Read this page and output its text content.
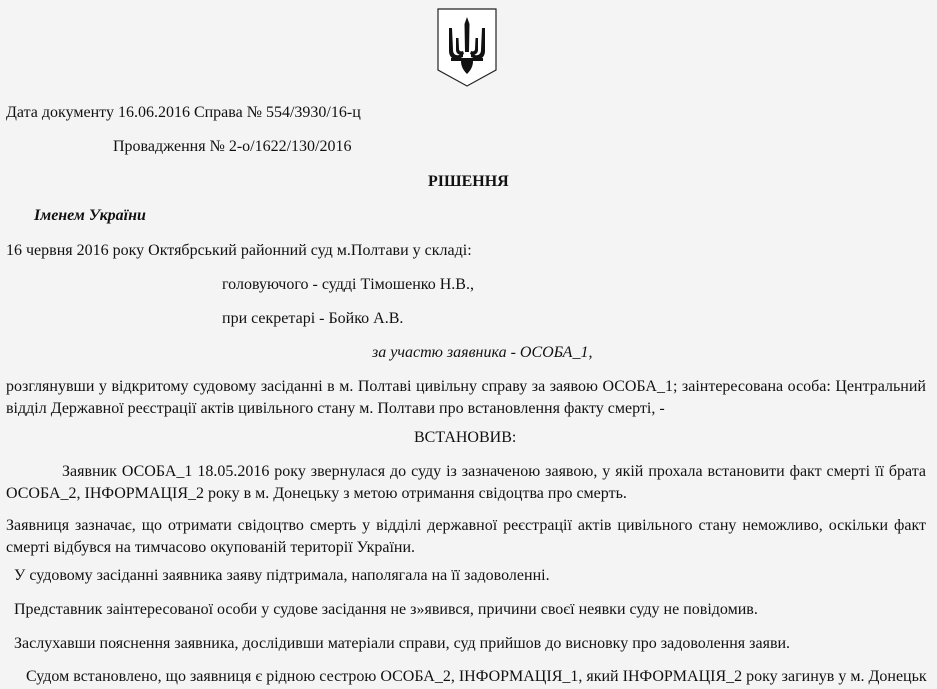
Дата документу 16.06.2016 Справа № 554/3930/16-ц
Провадження № 2-о/1622/130/2016
РІШЕННЯ
Іменем України
16 червня 2016 року Октябрський районний суд м.Полтави у складі:
головуючого - судді Тімошенко Н.В.,
при секретарі - Бойко А.В.
за участю заявника - ОСОБА_1,
розглянувши у відкритому судовому засіданні в м. Полтаві цивільну справу за заявою ОСОБА_1; заінтересована особа: Центральний
відділ Державної реєстрації актів цивільного стану м. Полтави про встановлення факту смерті, -
ВСТАНОВИВ:
Заявник ОСОБА_1 18.05.2016 року звернулася до суду із зазначеною заявою, у якій прохала встановити факт смерті її брата
ОСОБА_2, ІНФОРМАЦІЯ_2 року в м. Донецьку з метою отримання свідоцтва про смерть.
Заявниця зазначає, що отримати свідоцтво смерть у відділі державної реєстрації актів цивільного стану неможливо, оскільки факт
смерті відбувся на тимчасово окупованій території України.
У судовому засіданні заявника заяву підтримала, наполягала на її задоволенні.
Представник заінтересованої особи у судове засідання не з»явився, причини своєї неявки суду не повідомив.
Заслухавши пояснення заявника, дослідивши матеріали справи, суд прийшов до висновку про задоволення заяви.
Судом встановлено, що заявниця є рідною сестрою ОСОБА_2, ІНФОРМАЦІЯ_1, який ІНФОРМАЦІЯ_2 року загинув у м. Донецьк
